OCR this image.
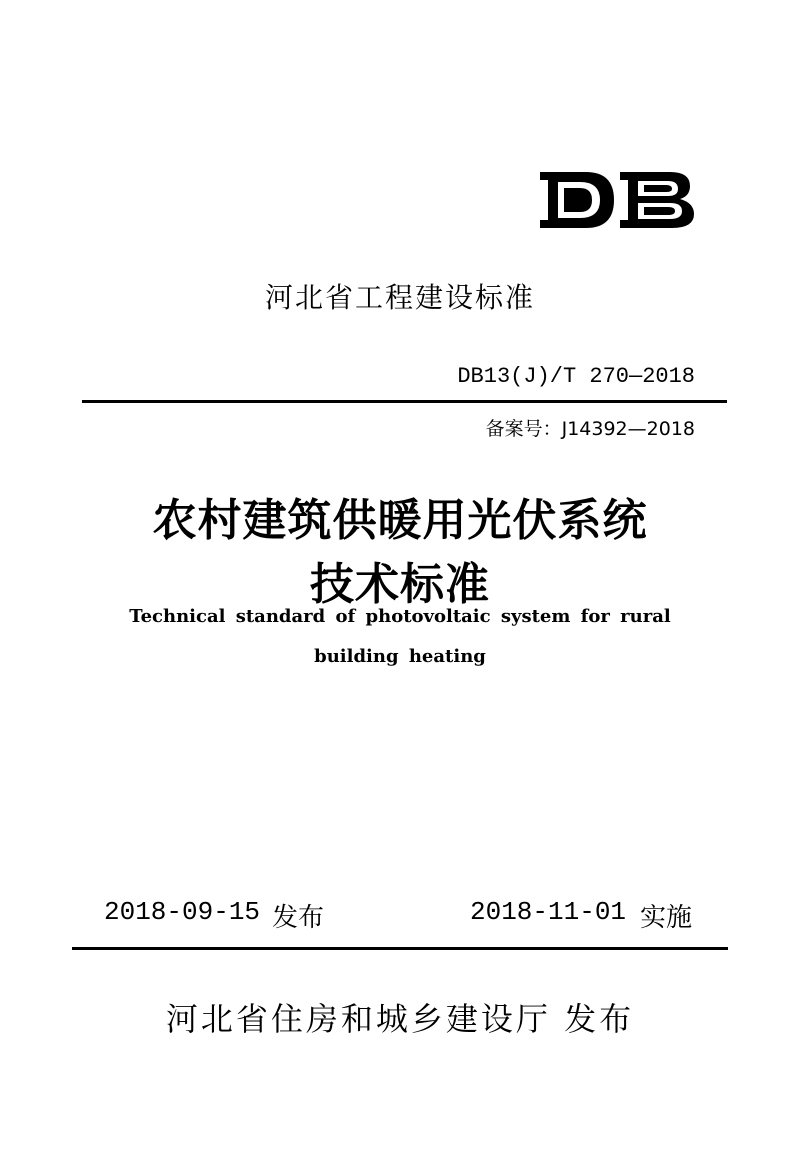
河北省工程建设标准
DB13(J)/T 270—2018
备案号：J14392—2018
农村建筑供暖用光伏系统
技术标准
Technical standard of photovoltaic system for rural
building heating
2018-09-15 发布	2018-11-01 实施
河北省住房和城乡建设厅 发布
